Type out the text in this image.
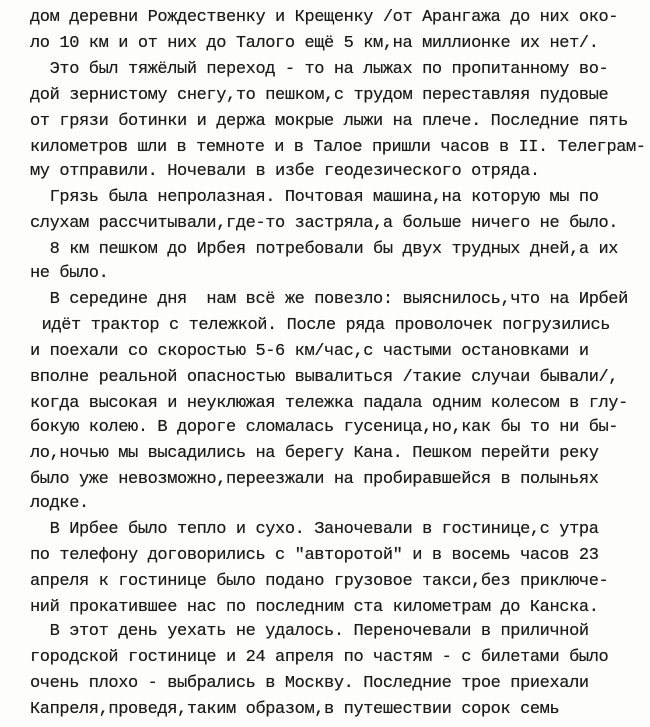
дом деревни Рождественку и Крещенку /от Арангажа до них око-
ло 10 км и от них до Талого ещё 5 км,на миллионке их нет/.
Это был тяжёлый переход - то на лыжах по пропитанному во-
дой зернистому снегу,то пешком,с трудом переставляя пудовые
от грязи ботинки и держа мокрые лыжи на плече. Последние пять
километров шли в темноте и в Талое пришли часов в II. Телеграм-
му отправили. Ночевали в избе геодезического отряда.
Грязь была непролазная. Почтовая машина,на которую мы по
слухам рассчитывали,где-то застряла,а больше ничего не было.
8 км пешком до Ирбея потребовали бы двух трудных дней,а их
не было.
В середине дня  нам всё же повезло: выяснилось,что на Ирбей
идёт трактор с тележкой. После ряда проволочек погрузились
и поехали со скоростью 5-6 км/час,с частыми остановками и
вполне реальной опасностью вывалиться /такие случаи бывали/,
когда высокая и неуклюжая тележка падала одним колесом в глу-
бокую колею. В дороге сломалась гусеница,но,как бы то ни бы-
ло,ночью мы высадились на берегу Кана. Пешком перейти реку
было уже невозможно,переезжали на пробиравшейся в полыньях
лодке.
В Ирбее было тепло и сухо. Заночевали в гостинице,с утра
по телефону договорились с "авторотой" и в восемь часов 23
апреля к гостинице было подано грузовое такси,без приключе-
ний прокатившее нас по последним ста километрам до Канска.
В этот день уехать не удалось. Переночевали в приличной
городской гостинице и 24 апреля по частям - с билетами было
очень плохо - выбрались в Москву. Последние трое приехали
Капреля,проведя,таким образом,в путешествии сорок семь
